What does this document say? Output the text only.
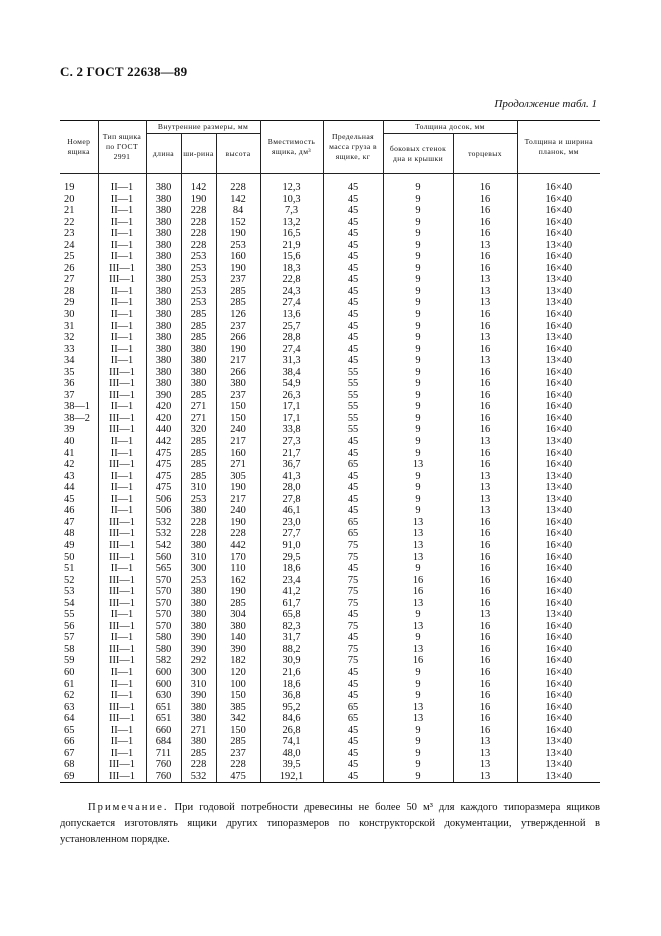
С. 2 ГОСТ 22638—89
Продолжение табл. 1
Номер ящика	Тип ящика по ГОСТ 2991	Внутренние размеры, мм			Вместимость ящика, дм³	Предельная масса груза в ящике, кг	Толщина досок, мм		Толщина и ширина планок, мм
		длина	ши-рина	высота			боковых стенок дна и крышки	торцевых	
19	II—1	380	142	228	12,3	45	9	16	16×40
20	II—1	380	190	142	10,3	45	9	16	16×40
21	II—1	380	228	84	7,3	45	9	16	16×40
22	II—1	380	228	152	13,2	45	9	16	16×40
23	II—1	380	228	190	16,5	45	9	16	16×40
24	II—1	380	228	253	21,9	45	9	13	13×40
25	II—1	380	253	160	15,6	45	9	16	16×40
26	III—1	380	253	190	18,3	45	9	16	16×40
27	III—1	380	253	237	22,8	45	9	13	13×40
28	II—1	380	253	285	24,3	45	9	13	13×40
29	II—1	380	253	285	27,4	45	9	13	13×40
30	II—1	380	285	126	13,6	45	9	16	16×40
31	II—1	380	285	237	25,7	45	9	16	16×40
32	II—1	380	285	266	28,8	45	9	13	13×40
33	II—1	380	380	190	27,4	45	9	16	16×40
34	II—1	380	380	217	31,3	45	9	13	13×40
35	III—1	380	380	266	38,4	55	9	16	16×40
36	III—1	380	380	380	54,9	55	9	16	16×40
37	III—1	390	285	237	26,3	55	9	16	16×40
38—1	II—1	420	271	150	17,1	55	9	16	16×40
38—2	III—1	420	271	150	17,1	55	9	16	16×40
39	III—1	440	320	240	33,8	55	9	16	16×40
40	II—1	442	285	217	27,3	45	9	13	13×40
41	II—1	475	285	160	21,7	45	9	16	16×40
42	III—1	475	285	271	36,7	65	13	16	16×40
43	II—1	475	285	305	41,3	45	9	13	13×40
44	II—1	475	310	190	28,0	45	9	13	13×40
45	II—1	506	253	217	27,8	45	9	13	13×40
46	II—1	506	380	240	46,1	45	9	13	13×40
47	III—1	532	228	190	23,0	65	13	16	16×40
48	III—1	532	228	228	27,7	65	13	16	16×40
49	III—1	542	380	442	91,0	75	13	16	16×40
50	III—1	560	310	170	29,5	75	13	16	16×40
51	II—1	565	300	110	18,6	45	9	16	16×40
52	III—1	570	253	162	23,4	75	16	16	16×40
53	III—1	570	380	190	41,2	75	16	16	16×40
54	III—1	570	380	285	61,7	75	13	16	16×40
55	II—1	570	380	304	65,8	45	9	13	13×40
56	III—1	570	380	380	82,3	75	13	16	16×40
57	II—1	580	390	140	31,7	45	9	16	16×40
58	III—1	580	390	390	88,2	75	13	16	16×40
59	III—1	582	292	182	30,9	75	16	16	16×40
60	II—1	600	300	120	21,6	45	9	16	16×40
61	II—1	600	310	100	18,6	45	9	16	16×40
62	II—1	630	390	150	36,8	45	9	16	16×40
63	III—1	651	380	385	95,2	65	13	16	16×40
64	III—1	651	380	342	84,6	65	13	16	16×40
65	II—1	660	271	150	26,8	45	9	16	16×40
66	II—1	684	380	285	74,1	45	9	13	13×40
67	II—1	711	285	237	48,0	45	9	13	13×40
68	III—1	760	228	228	39,5	45	9	13	13×40
69	III—1	760	532	475	192,1	45	9	13	13×40
Примечание. При годовой потребности древесины не более 50 м³ для каждого типоразмера ящиков допускается изготовлять ящики других типоразмеров по конструкторской документации, утвержденной в установленном порядке.
